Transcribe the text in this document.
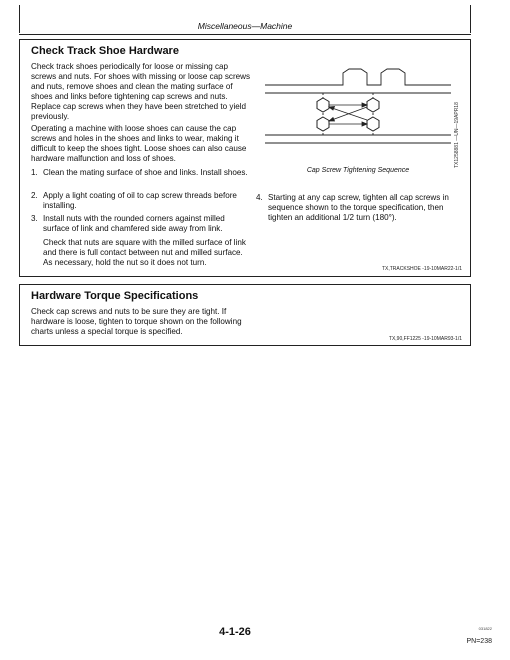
Miscellaneous—Machine
Check Track Shoe Hardware
Check track shoes periodically for loose or missing cap screws and nuts. For shoes with missing or loose cap screws and nuts, remove shoes and clean the mating surface of shoes and links before tightening cap screws and nuts. Replace cap screws when they have been stretched to yield previously.
Operating a machine with loose shoes can cause the cap screws and holes in the shoes and links to wear, making it difficult to keep the shoes tight. Loose shoes can also cause hardware malfunction and loss of shoes.
1. Clean the mating surface of shoe and links. Install shoes.
2. Apply a light coating of oil to cap screw threads before installing.
3. Install nuts with the rounded corners against milled surface of link and chamfered side away from link.
Check that nuts are square with the milled surface of link and there is full contact between nut and milled surface. As necessary, hold the nut so it does not turn.
4. Starting at any cap screw, tighten all cap screws in sequence shown to the torque specification, then tighten an additional 1/2 turn (180°).
TX1258881 —UN—19APR18
Cap Screw Tightening Sequence
TX,TRACKSHOE -19-10MAR22-1/1
Hardware Torque Specifications
Check cap screws and nuts to be sure they are tight. If hardware is loose, tighten to torque shown on the following charts unless a special torque is specified.
TX,90,FF1225 -19-10MAR93-1/1
4-1-26	031822
PN=238
